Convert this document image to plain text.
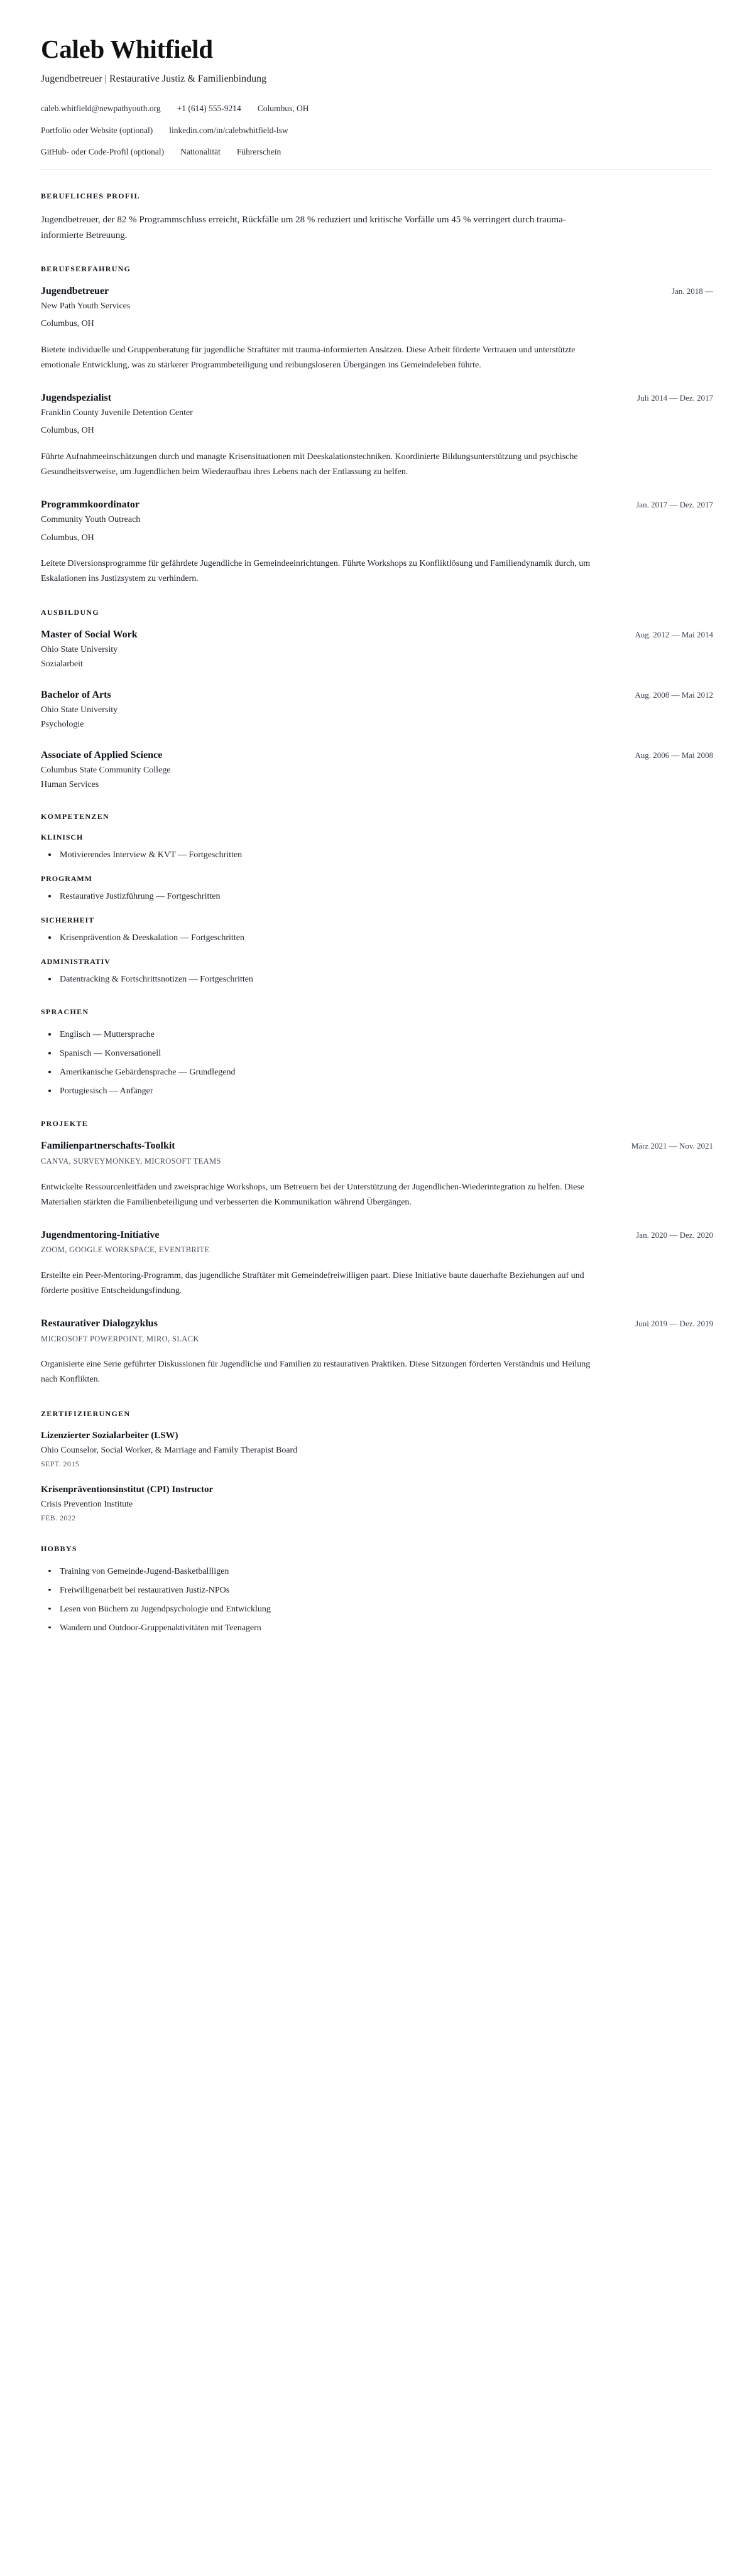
Caleb Whitfield
Jugendbetreuer | Restaurative Justiz & Familienbindung
caleb.whitfield@newpathyouth.org +1 (614) 555-9214 Columbus, OH
Portfolio oder Website (optional) linkedin.com/in/calebwhitfield-lsw
GitHub- oder Code-Profil (optional) Nationalität Führerschein
BERUFLICHES PROFIL

Jugendbetreuer, der 82 % Programmschluss erreicht, Rückfälle um 28 % reduziert und kritische Vorfälle um 45 % verringert durch trauma-informierte Betreuung.

BERUFSERFAHRUNG
Jugendbetreuer	Jan. 2018 —
New Path Youth Services
Columbus, OH

Bietete individuelle und Gruppenberatung für jugendliche Straftäter mit trauma-informierten Ansätzen. Diese Arbeit förderte Vertrauen und unterstützte emotionale Entwicklung, was zu stärkerer Programmbeteiligung und reibungsloseren Übergängen ins Gemeindeleben führte.

Jugendspezialist	Juli 2014 — Dez. 2017
Franklin County Juvenile Detention Center
Columbus, OH

Führte Aufnahmeeinschätzungen durch und managte Krisensituationen mit Deeskalationstechniken. Koordinierte Bildungsunterstützung und psychische Gesundheitsverweise, um Jugendlichen beim Wiederaufbau ihres Lebens nach der Entlassung zu helfen.

Programmkoordinator	Jan. 2017 — Dez. 2017
Community Youth Outreach
Columbus, OH

Leitete Diversionsprogramme für gefährdete Jugendliche in Gemeindeeinrichtungen. Führte Workshops zu Konfliktlösung und Familiendynamik durch, um Eskalationen ins Justizsystem zu verhindern.

AUSBILDUNG
Master of Social Work	Aug. 2012 — Mai 2014
Ohio State University
Sozialarbeit
Bachelor of Arts	Aug. 2008 — Mai 2012
Ohio State University
Psychologie
Associate of Applied Science	Aug. 2006 — Mai 2008
Columbus State Community College
Human Services
KOMPETENZEN
KLINISCH
Motivierendes Interview & KVT — Fortgeschritten
PROGRAMM
Restaurative Justizführung — Fortgeschritten
SICHERHEIT
Krisenprävention & Deeskalation — Fortgeschritten
ADMINISTRATIV
Datentracking & Fortschrittsnotizen — Fortgeschritten
SPRACHEN
Englisch — Muttersprache
Spanisch — Konversationell
Amerikanische Gebärdensprache — Grundlegend
Portugiesisch — Anfänger
PROJEKTE
Familienpartnerschafts-Toolkit	März 2021 — Nov. 2021
CANVA, SURVEYMONKEY, MICROSOFT TEAMS

Entwickelte Ressourcenleitfäden und zweisprachige Workshops, um Betreuern bei der Unterstützung der Jugendlichen-Wiederintegration zu helfen. Diese Materialien stärkten die Familienbeteiligung und verbesserten die Kommunikation während Übergängen.

Jugendmentoring-Initiative	Jan. 2020 — Dez. 2020
ZOOM, GOOGLE WORKSPACE, EVENTBRITE

Erstellte ein Peer-Mentoring-Programm, das jugendliche Straftäter mit Gemeindefreiwilligen paart. Diese Initiative baute dauerhafte Beziehungen auf und förderte positive Entscheidungsfindung.

Restaurativer Dialogzyklus	Juni 2019 — Dez. 2019
MICROSOFT POWERPOINT, MIRO, SLACK

Organisierte eine Serie geführter Diskussionen für Jugendliche und Familien zu restaurativen Praktiken. Diese Sitzungen förderten Verständnis und Heilung nach Konflikten.

ZERTIFIZIERUNGEN
Lizenzierter Sozialarbeiter (LSW)
Ohio Counselor, Social Worker, & Marriage and Family Therapist Board
SEPT. 2015
Krisenpräventionsinstitut (CPI) Instructor
Crisis Prevention Institute
FEB. 2022
HOBBYS
Training von Gemeinde-Jugend-Basketballligen
Freiwilligenarbeit bei restaurativen Justiz-NPOs
Lesen von Büchern zu Jugendpsychologie und Entwicklung
Wandern und Outdoor-Gruppenaktivitäten mit Teenagern
